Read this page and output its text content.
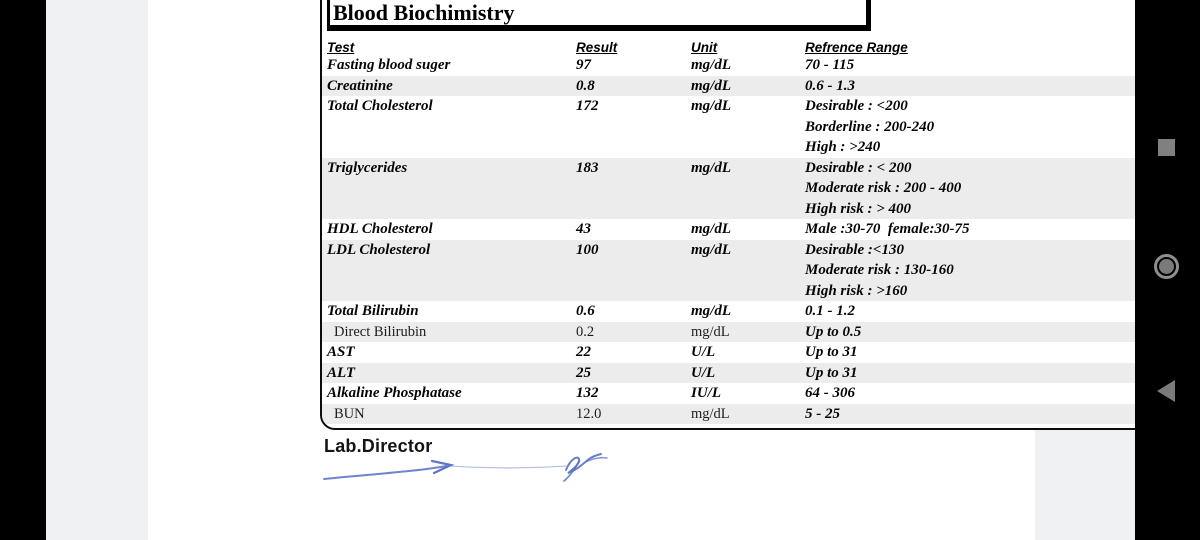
Test	Result	Unit	Refrence Range
Fasting blood suger	97	mg/dL	70 - 115
Creatinine	0.8	mg/dL	0.6 - 1.3
Total Cholesterol	172	mg/dL	Desirable : <200
Borderline : 200-240
High : >240
Triglycerides	183	mg/dL	Desirable : < 200
Moderate risk : 200 - 400
High risk : > 400
HDL Cholesterol	43	mg/dL	Male :30-70  female:30-75
LDL Cholesterol	100	mg/dL	Desirable :<130
Moderate risk : 130-160
High risk : >160
Total Bilirubin	0.6	mg/dL	0.1 - 1.2
Direct Bilirubin	0.2	mg/dL	Up to 0.5
AST	22	U/L	Up to 31
ALT	25	U/L	Up to 31
Alkaline Phosphatase	132	IU/L	64 - 306
BUN	12.0	mg/dL	5 - 25
Blood Biochimistry
Lab.Director
